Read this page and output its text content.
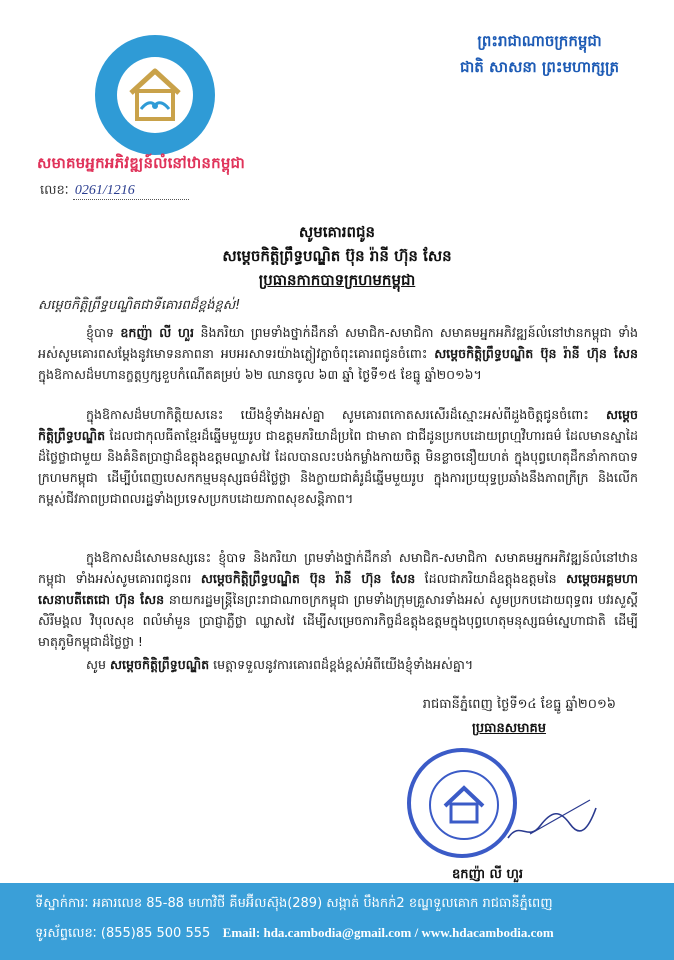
ព្រះរាជាណាចក្រកម្ពុជា
ជាតិ សាសនា ព្រះមហាក្សត្រ
សមាគមអ្នកអភិវឌ្ឍន៍លំនៅឋានកម្ពុជា
លេខៈ 0261/1216
សូមគោរពជូន
សម្ដេចកិត្តិព្រឹទ្ធបណ្ឌិត ប៊ុន រ៉ានី ហ៊ុន សែន
ប្រធានកាកបាទក្រហមកម្ពុជា
សម្ដេចកិត្តិព្រឹទ្ធបណ្ឌិតជាទីគោរពដ៏ខ្ពង់ខ្ពស់!
ខ្ញុំបាទ ឧកញ៉ា លី ហួរ និងភរិយា ព្រមទាំងថ្នាក់ដឹកនាំ សមាជិក-សមាជិកា សមាគមអ្នកអភិវឌ្ឍន៍លំនៅឋានកម្ពុជា ទាំងអស់សូមគោរពសម្ដែងនូវមោទនភាពនា អបអរសាទរយ៉ាងភ្លៀវភ្លាចំពុះគោរពជូនចំពោះ សម្ដេចកិត្តិព្រឹទ្ធបណ្ឌិត ប៊ុន រ៉ានី ហ៊ុន សែន ក្នុងឱកាសដ៏មហានក្ខត្តឫក្សខួបកំណើតគម្រប់ ៦២ ឈានចូល ៦៣ ឆ្នាំ ថ្ងៃទី១៥ ខែធ្នូ ឆ្នាំ២០១៦។
ក្នុងឱកាសដ៏មហាកិត្តិយសនេះ យើងខ្ញុំទាំងអស់គ្នា សូមគោរពកោតសរសើរដ៏ស្មោះអស់ពីដួងចិត្តជូនចំពោះ សម្ដេចកិត្តិព្រឹទ្ធបណ្ឌិត ដែលជាកុលធីតាខ្មែរដ៏ឆ្នើមមួយរូប ជាឧត្តមភរិយាដ៏ប្រពៃ ជាមាតា ជាជីដូនប្រកបដោយព្រហ្មវិហារធម៌ ដែលមានស្នាដៃដ៏ថ្លៃថ្លាជាមួយ និងគំនិតប្រាជ្ញាដ៏ឧត្ដុងឧត្ដមឈ្លាសវៃ ដែលបានលះបង់កម្លាំងកាយចិត្ត មិនខ្លាចនឿយហត់ ក្នុងបុព្វហេតុដឹកនាំកាកបាទក្រហមកម្ពុជា ដើម្បីបំពេញបេសកកម្មមនុស្សធម៌ដ៏ថ្លៃថ្លា និងក្លាយជាគំរូដ៏ឆ្នើមមួយរូប ក្នុងការប្រយុទ្ធប្រឆាំងនឹងភាពក្រីក្រ និងលើកកម្ពស់ជីវភាពប្រជាពលរដ្ឋទាំងប្រទេសប្រកបដោយភាពសុខសន្តិភាព។
ក្នុងឱកាសដ៏សោមនស្សនេះ ខ្ញុំបាទ និងភរិយា ព្រមទាំងថ្នាក់ដឹកនាំ សមាជិក-សមាជិកា សមាគមអ្នកអភិវឌ្ឍន៍លំនៅឋានកម្ពុជា ទាំងអស់សូមគោរពជូនពរ សម្ដេចកិត្តិព្រឹទ្ធបណ្ឌិត ប៊ុន រ៉ានី ហ៊ុន សែន ដែលជាភរិយាដ៏ឧត្ដុងឧត្ដមនៃ សម្ដេចអគ្គមហាសេនាបតីតេជោ ហ៊ុន សែន នាយករដ្ឋមន្ត្រីនៃព្រះរាជាណាចក្រកម្ពុជា ព្រមទាំងក្រុមគ្រួសារទាំងអស់ សូមប្រកបដោយពុទ្ធពរ បវរសួស្ដី សិរីមង្គល វិបុលសុខ ពលំមាំមួន ប្រាជ្ញាភ្លឺថ្លា ឈ្លាសវៃ ដើម្បីសម្រេចភារកិច្ចដ៏ឧត្ដុងឧត្ដមក្នុងបុព្វហេតុមនុស្សធម៌ស្នេហាជាតិ ដើម្បីមាតុភូមិកម្ពុជាដ៏ថ្លៃថ្លា !
សូម សម្ដេចកិត្តិព្រឹទ្ធបណ្ឌិត មេត្តាទទួលនូវការគោរពដ៏ខ្ពង់ខ្ពស់អំពីយើងខ្ញុំទាំងអស់គ្នា។
រាជធានីភ្នំពេញ ថ្ងៃទី១៤ ខែធ្នូ ឆ្នាំ២០១៦
ប្រធានសមាគម
ឧកញ៉ា លី ហួរ
ទីស្នាក់ការៈ អគារលេខ 85-88 មហាវិថី គីមអ៊ីលស៊ុង(289) សង្កាត់ បឹងកក់2 ខណ្ឌទួលគោក រាជធានីភ្នំពេញ
ទូរស័ព្ទលេខៈ (855)85 500 555 Email: hda.cambodia@gmail.com / www.hdacambodia.com
